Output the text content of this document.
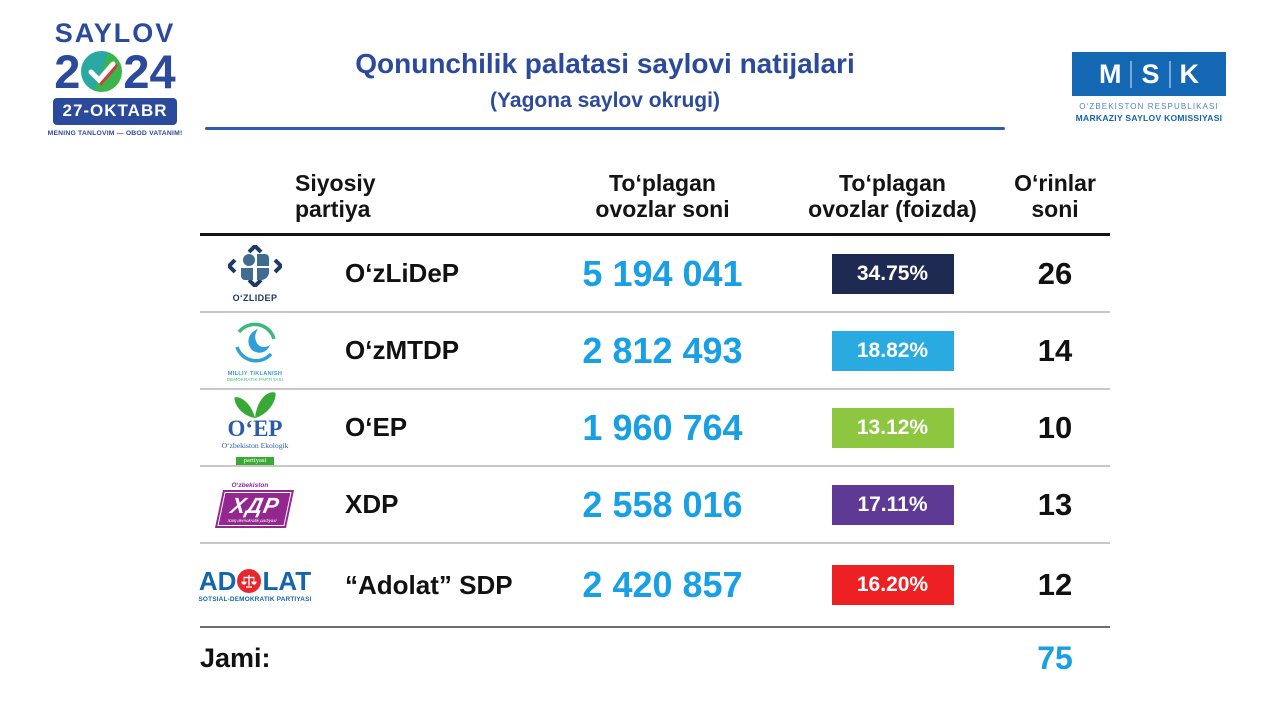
SAYLOV
2 24
27-OKTABR
MENING TANLOVIM — OBOD VATANIM!
Qonunchilik palatasi saylovi natijalari
(Yagona saylov okrugi)
M S K
O‘ZBEKISTON RESPUBLIKASI
MARKAZIY SAYLOV KOMISSIYASI
Siyosiy
partiya
To‘plagan
ovozlar soni
To‘plagan
ovozlar (foizda)
O‘rinlar
soni
O‘ZLIDEP
O‘zLiDeP	5 194 041	34.75%	26
MILLIY TIKLANISH
DEMOKRATIK PARTIYASI
O‘zMTDP	2 812 493	18.82%	14
O‘EP
O‘zbekiston Ekologik
partiyasi
O‘EP	1 960 764	13.12%	10
O‘zbekiston
ХДР
Xalq demokratik partiyasi
XDP	2 558 016	17.11%	13
AD LAT
SOTSIAL-DEMOKRATIK PARTIYASI	“Adolat” SDP	2 420 857	16.20%	12
Jami:	75
